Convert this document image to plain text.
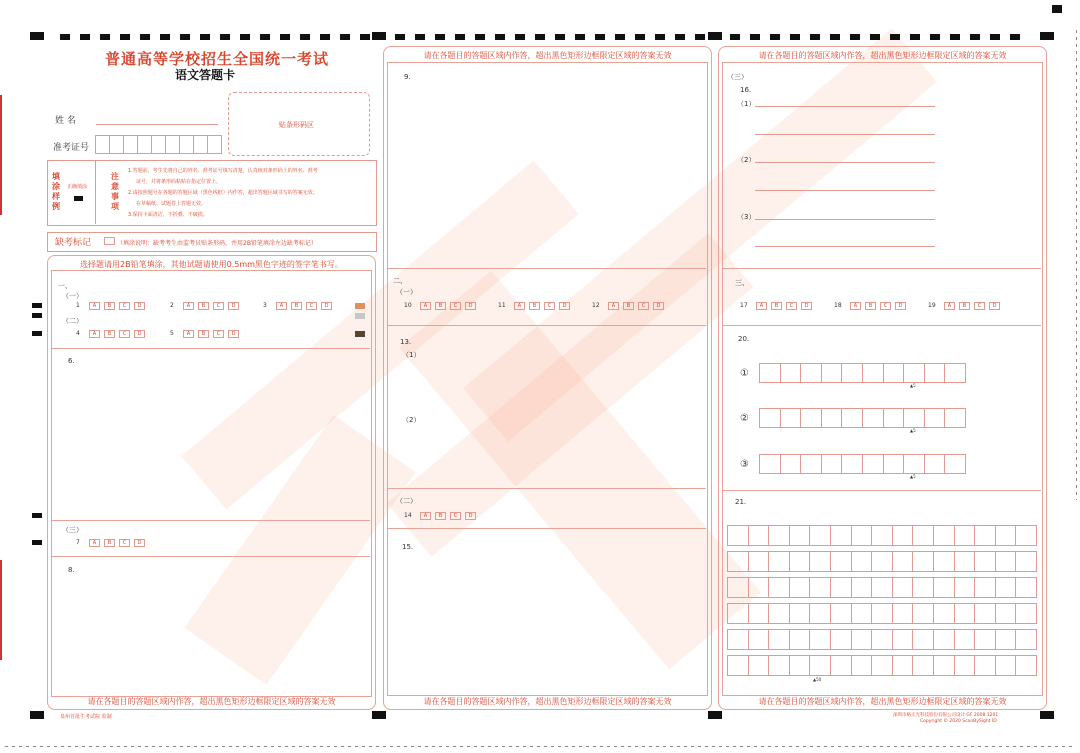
普通高等学校招生全国统一考试
语文答题卡
姓 名
准考证号
贴条形码区
填涂样例
正确填涂
注意事项
1.答题前，考生先将自己的姓名、准考证号填写清楚，认真核对条形码上的姓名、准考
证号，并将条形码粘贴在指定位置上。
2.请按照题号在各题的答题区域（黑色线框）内作答，超出答题区域书写的答案无效；
在草稿纸、试题卷上答题无效。
3.保持卡面清洁，不折叠、不破损。
缺考标记	（填涂说明：缺考考生由监考员贴条形码，并用2B铅笔填涂左边缺考标记）
选择题请用2B铅笔填涂，其他试题请使用0.5mm黑色字迹的签字笔书写。
请在各题目的答题区域内作答，超出黑色矩形边框限定区域的答案无效
一、
（一）
1	A	B	C	D	2	A	B	C	D	3	A	B	C	D
（二）
4	A	B	C	D	5	A	B	C	D
6.
（三）
7	A	B	C	D
8.
泉州首批生考试院 监制
请在各题目的答题区域内作答，超出黑色矩形边框限定区域的答案无效
请在各题目的答题区域内作答，超出黑色矩形边框限定区域的答案无效
9.
二、
（一）
10	A	B	C	D	11	A	B	C	D	12	A	B	C	D
13.
（1）
（2）
（二）
14	A	B	C	D
15.
请在各题目的答题区域内作答，超出黑色矩形边框限定区域的答案无效
请在各题目的答题区域内作答，超出黑色矩形边框限定区域的答案无效
（三）
16.
（1）
（2）
（3）
三、
17	A	B	C	D	18	A	B	C	D	19	A	B	C	D
20.
①
▲5
②
▲5
③
▲5
21.
▲50
深圳市格正光科技股份有限公司设计 GF 2008 1201
Copyright © 2020 ScanBySight ID
